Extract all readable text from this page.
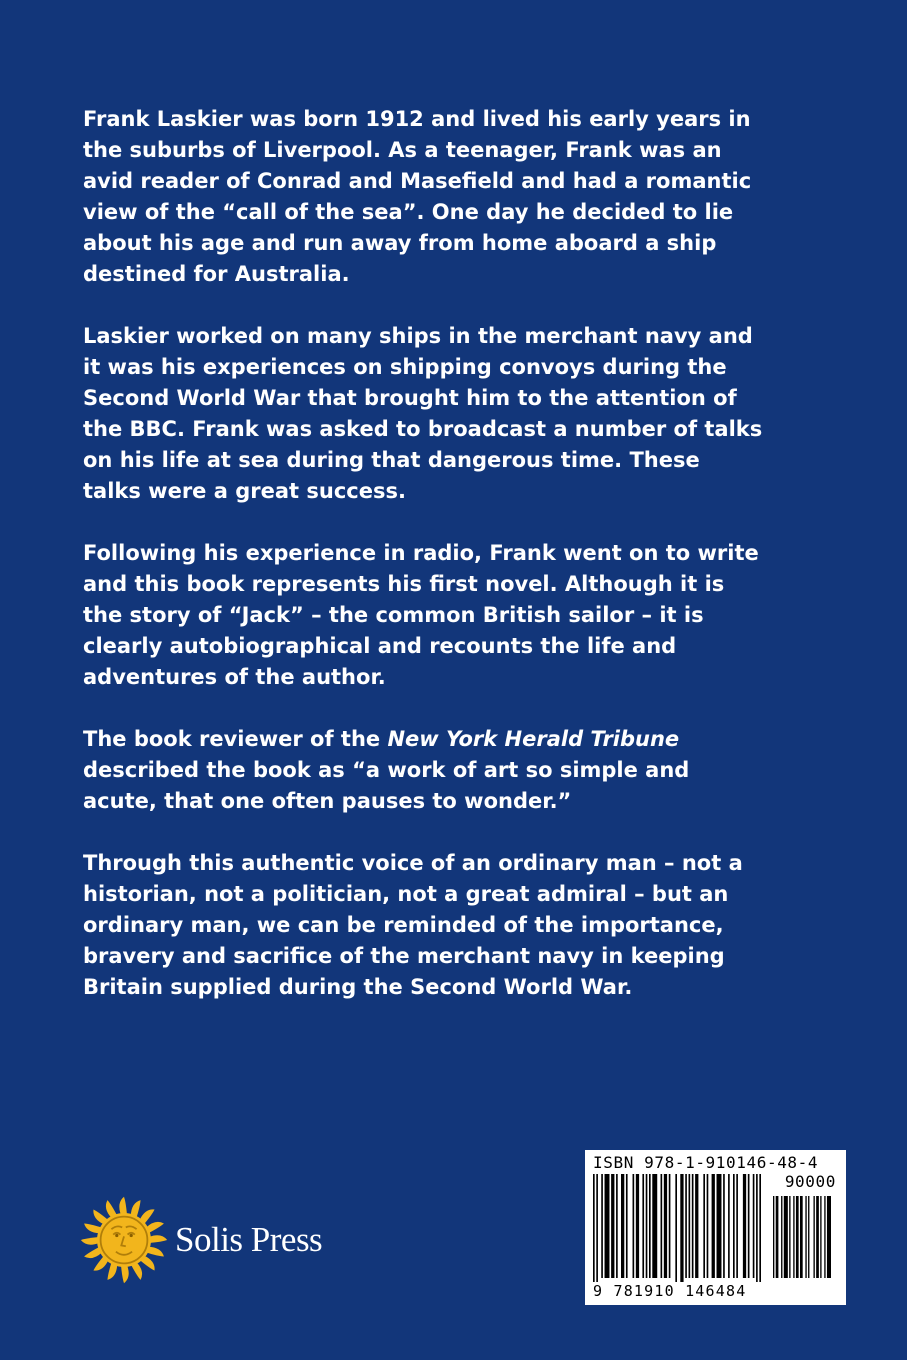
Frank Laskier was born 1912 and lived his early years in the suburbs of Liverpool. As a teenager, Frank was an avid reader of Conrad and Masefield and had a romantic view of the “call of the sea”. One day he decided to lie about his age and run away from home aboard a ship destined for Australia.

Laskier worked on many ships in the merchant navy and it was his experiences on shipping convoys during the Second World War that brought him to the attention of the BBC. Frank was asked to broadcast a number of talks on his life at sea during that dangerous time. These talks were a great success.

Following his experience in radio, Frank went on to write and this book represents his first novel. Although it is the story of “Jack” – the common British sailor – it is clearly autobiographical and recounts the life and adventures of the author.

The book reviewer of the New York Herald Tribune described the book as “a work of art so simple and acute, that one often pauses to wonder.”

Through this authentic voice of an ordinary man – not a historian, not a politician, not a great admiral – but an ordinary man, we can be reminded of the importance, bravery and sacrifice of the merchant navy in keeping Britain supplied during the Second World War.

Solis Press
ISBN 978-1-910146-48-4
90000
9 781910 146484
